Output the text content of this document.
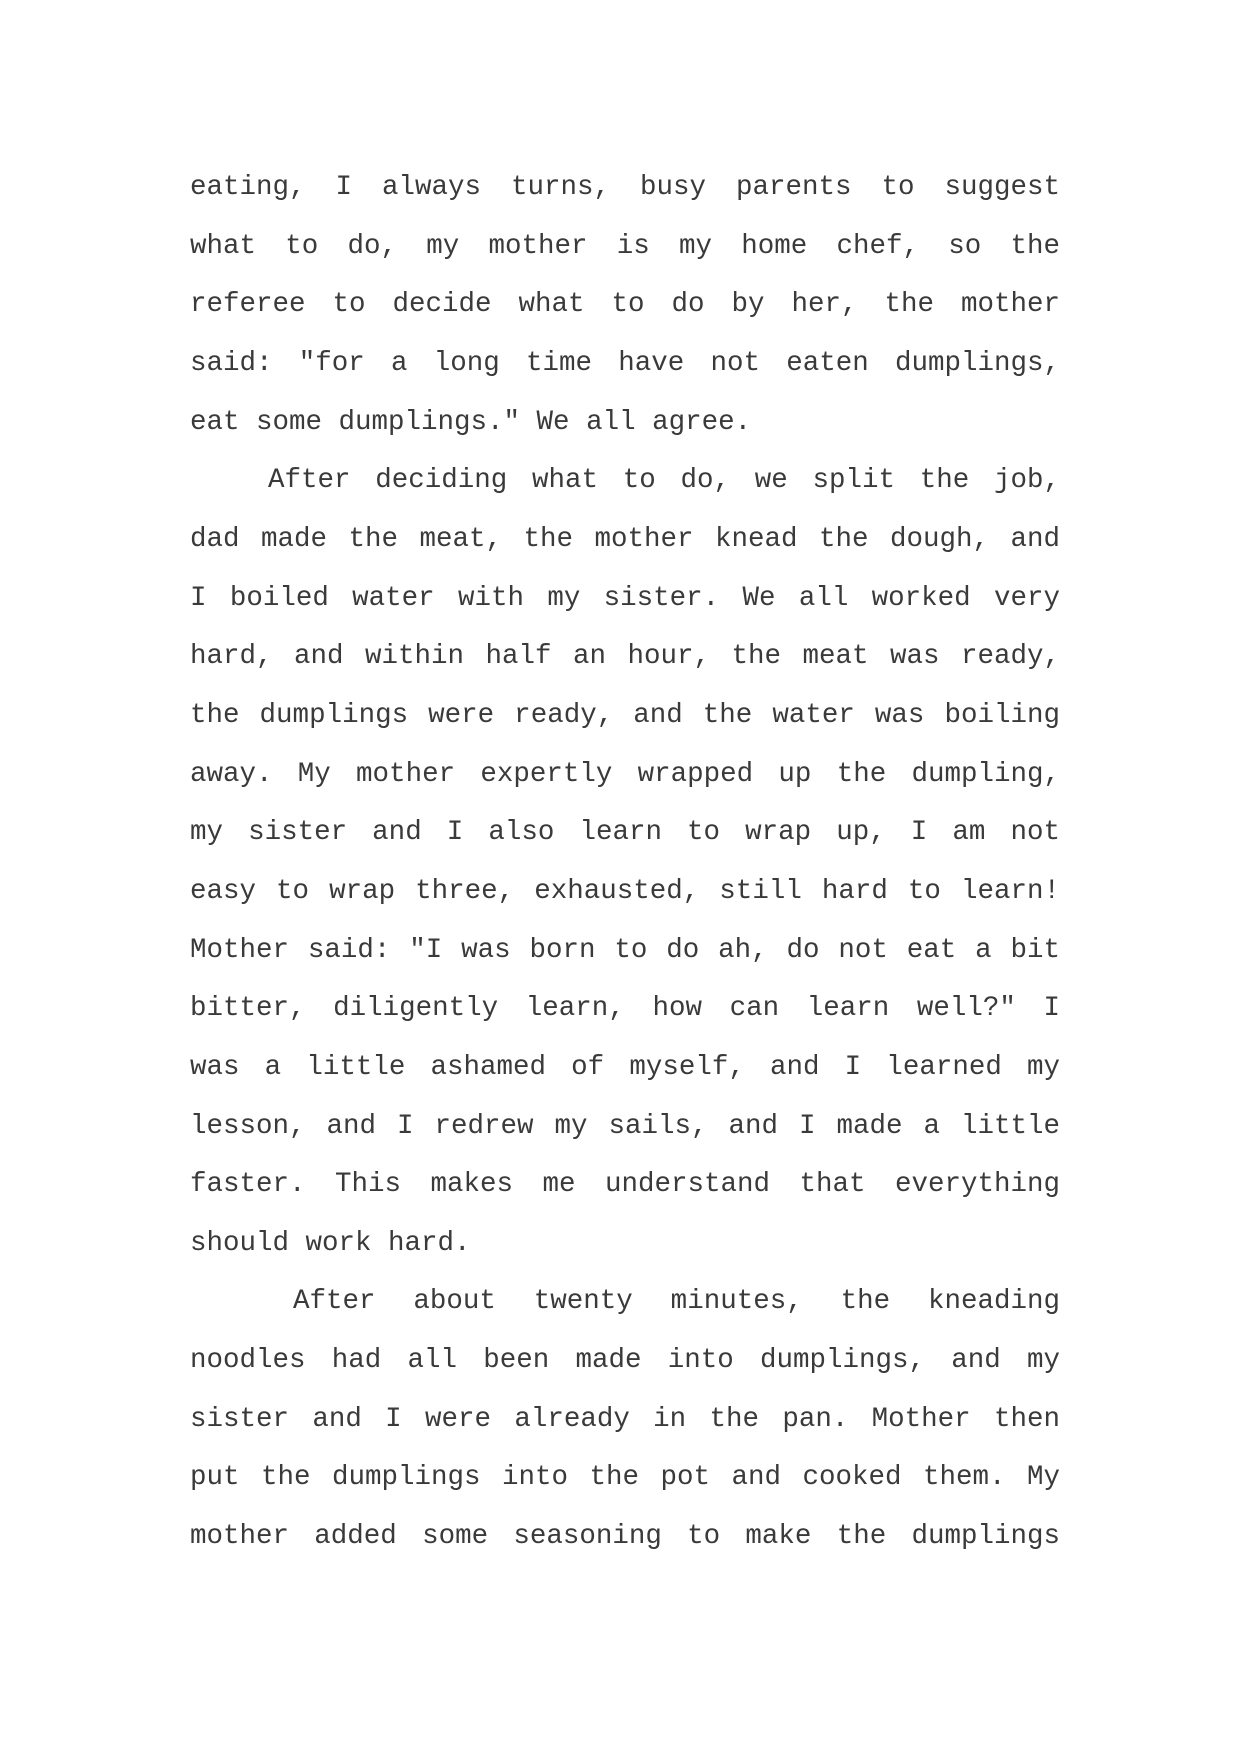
eating, I always turns, busy parents to suggest
what to do, my mother is my home chef, so the
referee to decide what to do by her, the mother
said: "for a long time have not eaten dumplings,
eat some dumplings." We all agree.
After deciding what to do, we split the job,
dad made the meat, the mother knead the dough, and
I boiled water with my sister. We all worked very
hard, and within half an hour, the meat was ready,
the dumplings were ready, and the water was boiling
away. My mother expertly wrapped up the dumpling,
my sister and I also learn to wrap up, I am not
easy to wrap three, exhausted, still hard to learn!
Mother said: "I was born to do ah, do not eat a bit
bitter, diligently learn, how can learn well?" I
was a little ashamed of myself, and I learned my
lesson, and I redrew my sails, and I made a little
faster. This makes me understand that everything
should work hard.
After about twenty minutes, the kneading
noodles had all been made into dumplings, and my
sister and I were already in the pan. Mother then
put the dumplings into the pot and cooked them. My
mother added some seasoning to make the dumplings
